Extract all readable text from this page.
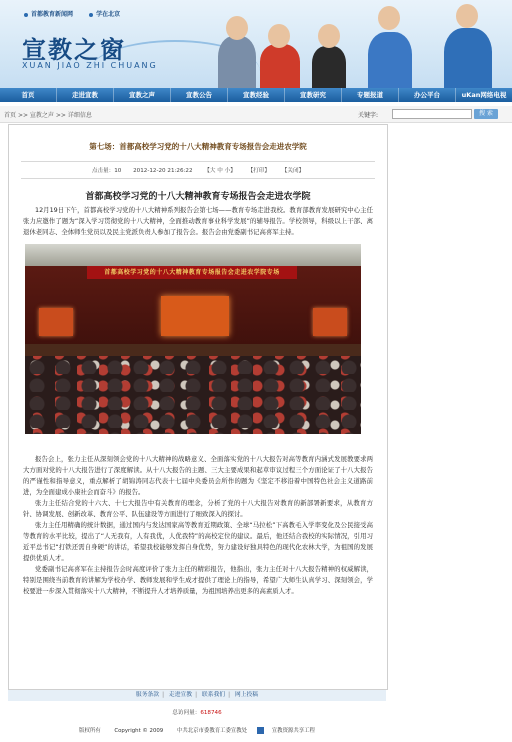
首都教育新闻网	学在北京
宣教之窗
XUAN JIAO ZHI CHUANG
首页	走进宣教	宣教之声	宣教公告	宣教经验	宣教研究	专题报道	办公平台	uKan网络电视
首页 >> 宣教之声 >> 详细信息	关键字:	搜 索
第七场：首都高校学习党的十八大精神教育专场报告会走进农学院
点击量：10 2012-12-20 21:26:22 【大 中 小】 【打印】 【关闭】
首都高校学习党的十八大精神教育专场报告会走进农学院

12月19日下午，首都高校学习党的十八大精神系列报告会第七场——教育专场走进我校。教育部教育发展研究中心主任张力应邀作了题为“深入学习贯彻党的十八大精神，全面推动教育事业科学发展”的辅导报告。学校领导，科级以上干部、离退休老同志、全体师生党员以及民主党派负责人参加了报告会。报告会由党委副书记高喜军主持。

首都高校学习党的十八大精神教育专场报告会走进农学院专场

报告会上，张力主任从深刻领会党的十八大精神的战略意义、全面落实党的十八大报告对高等教育内涵式发展教要求两大方面对党的十八大报告进行了深度解读。从十八大报告的主题、三大主要成果和起草审议过程三个方面论证了十八大报告的严谨性和指导意义，重点解析了胡锦涛同志代表十七届中央委员会所作的题为《坚定不移沿着中国特色社会主义道路前进，为全面建成小康社会而奋斗》的报告。

张力主任结合党的十六大、十七大报告中有关教育的理念，分析了党的十八大报告对教育的新部署新要求，从教育方针、协调发展、创新改革、教育公平、队伍建设等方面进行了细致深入的探讨。

张力主任用精确的统计数据，通过国内与发达国家高等教育近期政策、全球“马拉松”下高教毛入学率变化及公民接受高等教育的水平比较，提出了“人无我有，人有我优，人优我特”的高校定位的建议。最后，他还结合我校的实际情况，引用习近平总书记“打铁还需自身硬”的讲话，希望我校能够发挥自身优势，努力建设好独具特色的现代化农林大学，为祖国的发展提供优质人才。

党委副书记高喜军在主持报告会时高度评价了张力主任的精彩报告，他指出，张力主任对十八大报告精神的权威解读，特别是围绕当前教育的讲解为学校办学、教师发展和学生成才提供了理论上的指导，希望广大师生认真学习、深刻领会，学校要进一步深入贯彻落实十八大精神，不断提升人才培养质量，为祖国培养出更多的高素质人才。

服务条款 | 走进宣教 | 联系我们 | 网上投稿
总访问量：618746
版权所有	Copyright © 2009	中共北京市委教育工委宣教处	宣教资源共享工程
